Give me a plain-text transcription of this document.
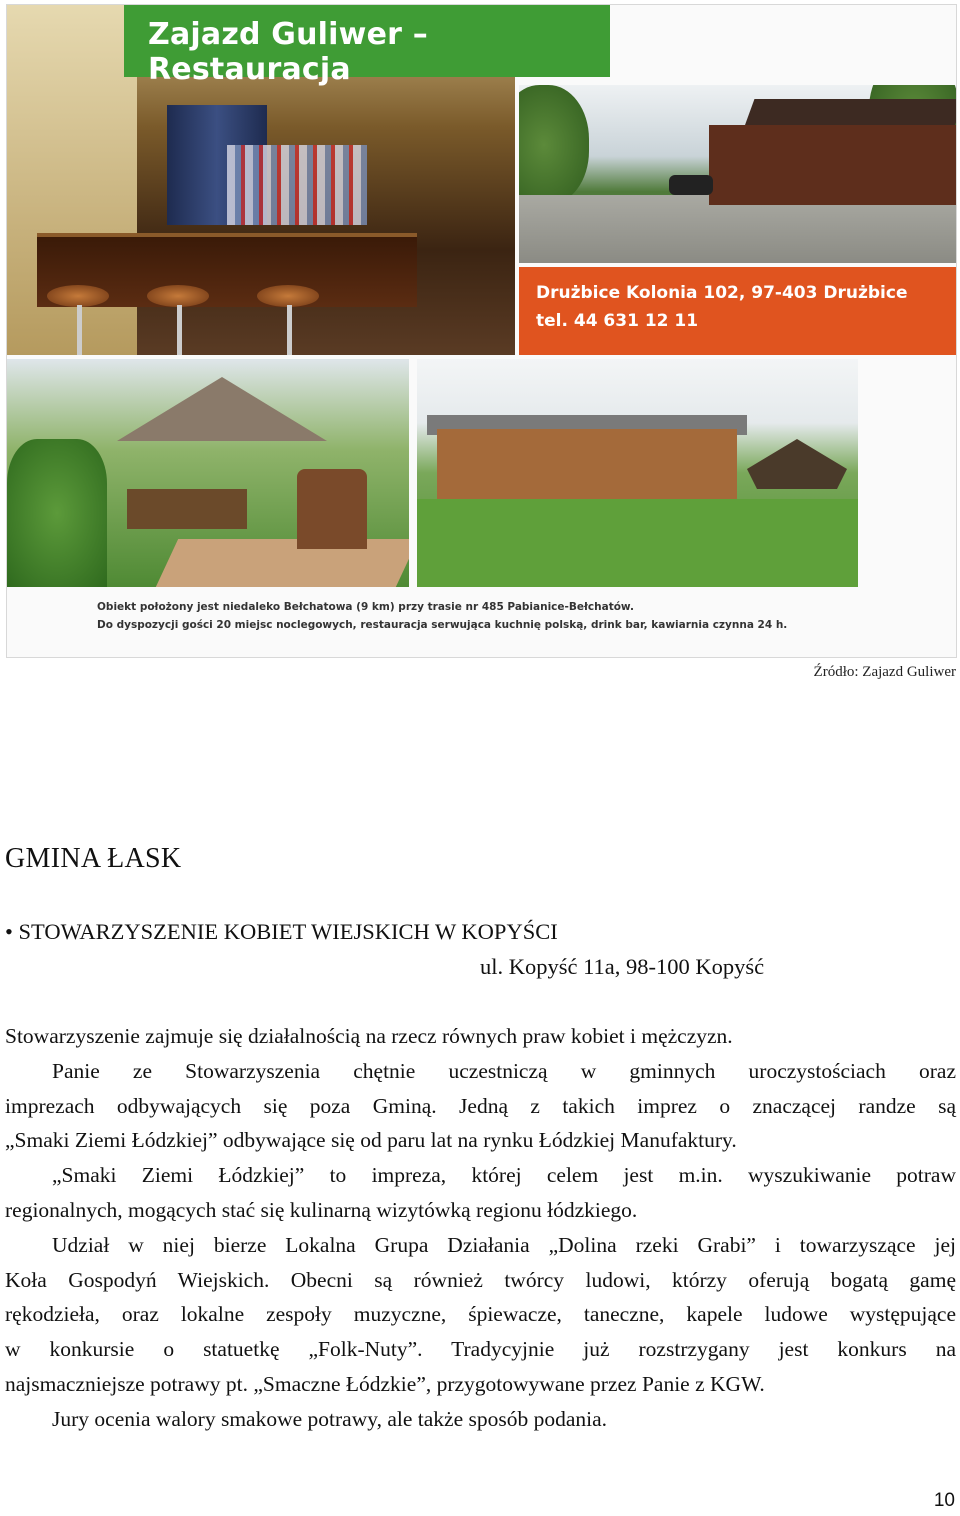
Zajazd Guliwer – Restauracja
Drużbice Kolonia 102, 97-403 Drużbice
tel. 44 631 12 11
Obiekt położony jest niedaleko Bełchatowa (9 km) przy trasie nr 485 Pabianice-Bełchatów.
Do dyspozycji gości 20 miejsc noclegowych, restauracja serwująca kuchnię polską, drink bar, kawiarnia czynna 24 h.
Źródło: Zajazd Guliwer
GMINA ŁASK
• STOWARZYSZENIE KOBIET WIEJSKICH W KOPYŚCI
ul. Kopyść 11a, 98-100 Kopyść
Stowarzyszenie zajmuje się działalnością na rzecz równych praw kobiet i mężczyzn.
Panie ze Stowarzyszenia chętnie uczestniczą w gminnych uroczystościach oraz
imprezach odbywających się poza Gminą. Jedną z takich imprez o znaczącej randze są
„Smaki Ziemi Łódzkiej” odbywające się od paru lat na rynku Łódzkiej Manufaktury.
„Smaki Ziemi Łódzkiej” to impreza, której celem jest m.in. wyszukiwanie potraw
regionalnych, mogących stać się kulinarną wizytówką regionu łódzkiego.
Udział w niej bierze Lokalna Grupa Działania „Dolina rzeki Grabi” i towarzyszące jej
Koła Gospodyń Wiejskich. Obecni są również twórcy ludowi, którzy oferują bogatą gamę
rękodzieła, oraz lokalne zespoły muzyczne, śpiewacze, taneczne, kapele ludowe występujące
w konkursie o statuetkę „Folk-Nuty”. Tradycyjnie już rozstrzygany jest konkurs na
najsmaczniejsze potrawy pt. „Smaczne Łódzkie”, przygotowywane przez Panie z KGW.
Jury ocenia walory smakowe potrawy, ale także sposób podania.
10
